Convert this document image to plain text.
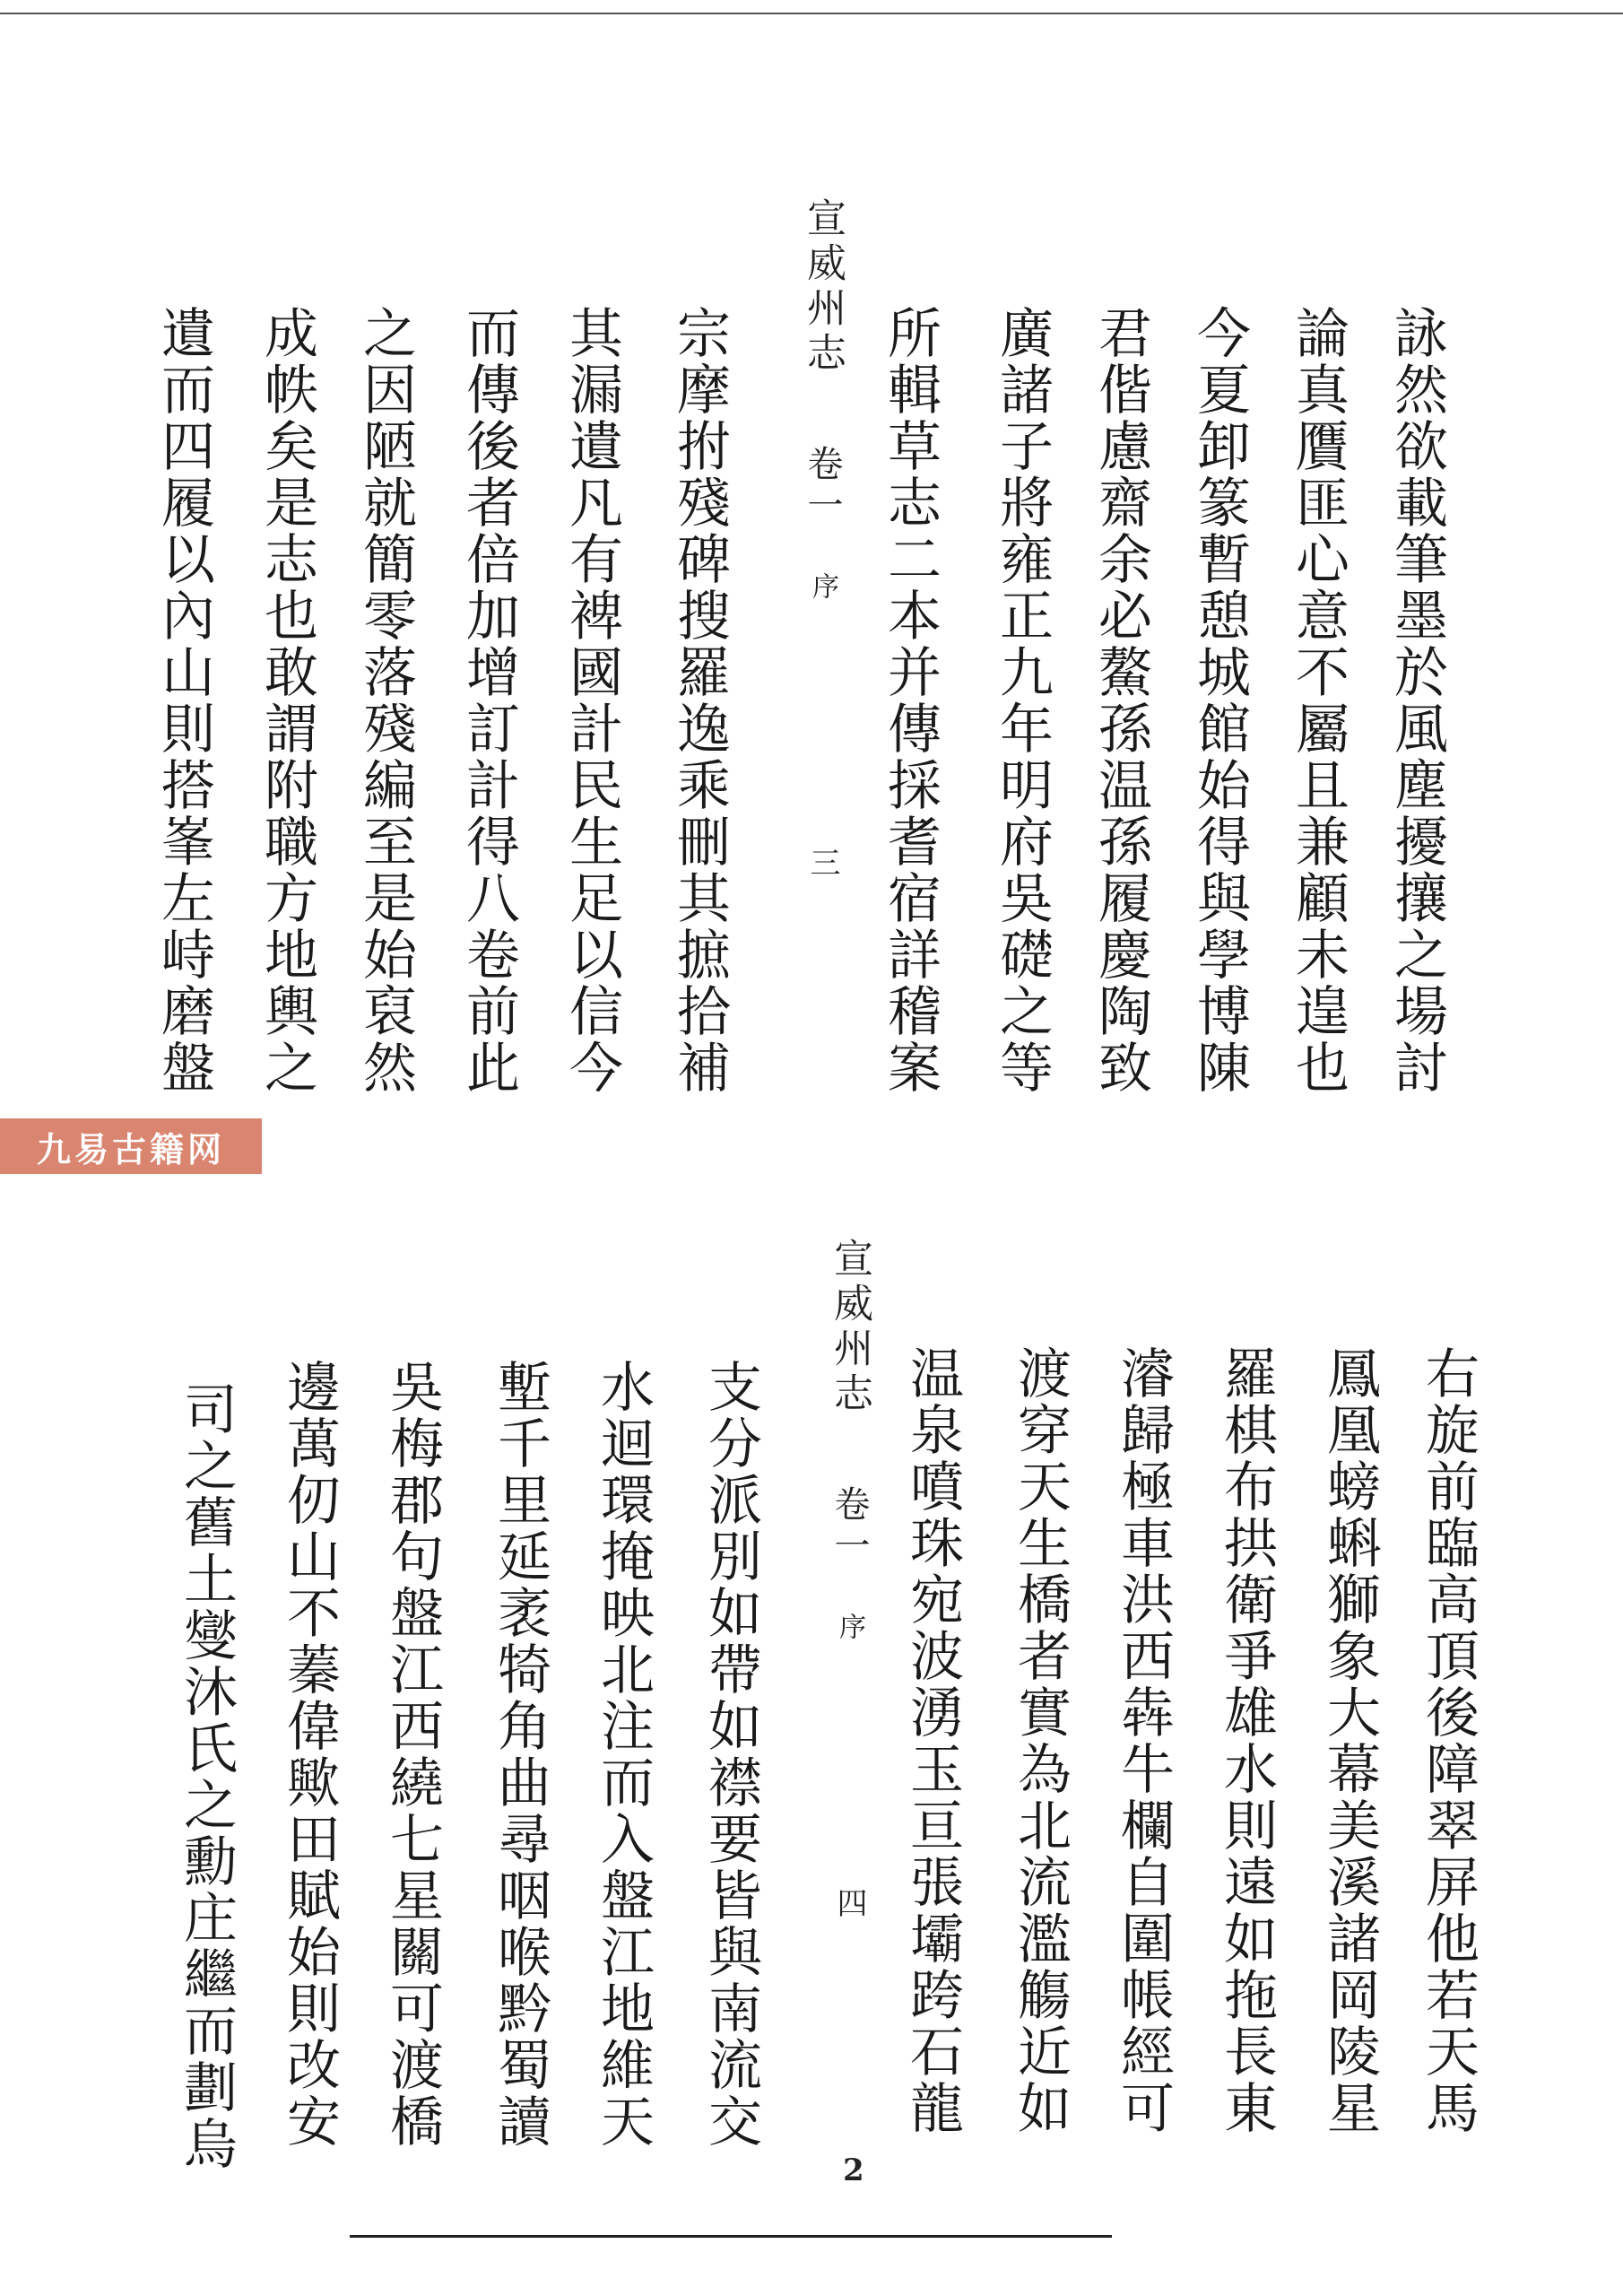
詠然欲載筆墨於風塵擾攘之場討
論真贋匪心意不屬且兼顧未遑也
今夏卸篆暫憩城館始得與學博陳
君偕慮齋余必鰲孫温孫履慶陶致
廣諸子將雍正九年明府吳礎之等
所輯草志二本并傳採耆宿詳稽案
宣威州志  卷一  序  三
宗摩拊殘碑搜羅逸乘刪其摭拾補
其漏遺凡有裨國計民生足以信今
而傳後者倍加增訂計得八卷前此
之因陋就簡零落殘編至是始裒然
成帙矣是志也敢謂附職方地輿之
遺而四履以內山則搭峯左峙磨盤
九易古籍网
右旋前臨高頂後障翠屏他若天馬
鳳凰螃蝌獅象大幕美溪諸岡陵星
羅棋布拱衛爭雄水則遠如拖長東
濬歸極車洪西犇牛欄自圍帳經可
渡穿天生橋者實為北流濫觴近如
温泉噴珠宛波湧玉亘張壩跨石龍
宣威州志  卷一  序  四
支分派別如帶如襟要皆與南流交
水迴環掩映北注而入盤江地維天
塹千里延袤犄角曲尋咽喉黔蜀讀
吳梅郡句盤江西繞七星關可渡橋
邊萬仞山不蓁偉歟田賦始則改安
司之舊土燮沐氏之勳庄繼而劃烏	2
